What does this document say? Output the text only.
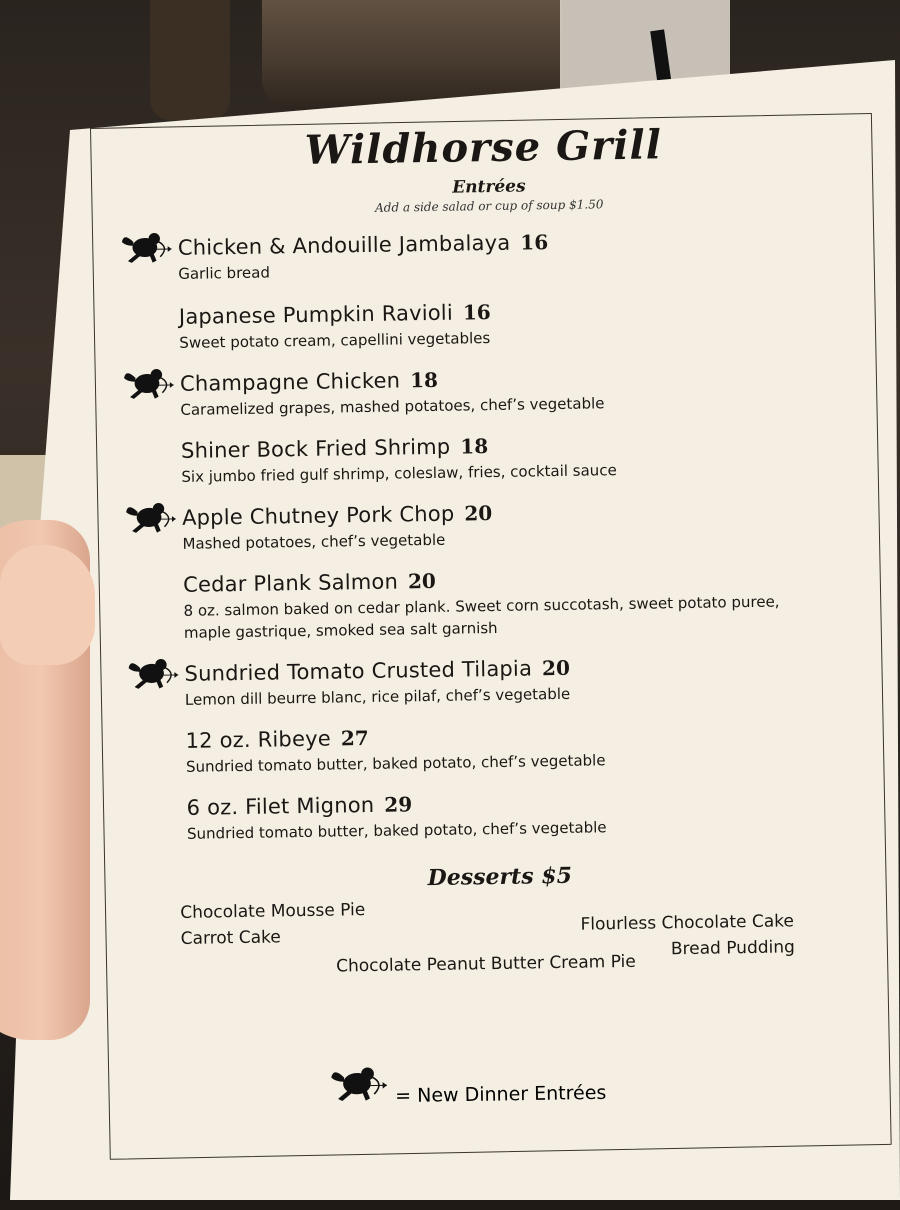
Wildhorse Grill
Entrées
Add a side salad or cup of soup $1.50
Chicken & Andouille Jambalaya 16
Garlic bread
Japanese Pumpkin Ravioli 16
Sweet potato cream, capellini vegetables
Champagne Chicken 18
Caramelized grapes, mashed potatoes, chef’s vegetable
Shiner Bock Fried Shrimp 18
Six jumbo fried gulf shrimp, coleslaw, fries, cocktail sauce
Apple Chutney Pork Chop 20
Mashed potatoes, chef’s vegetable
Cedar Plank Salmon 20
8 oz. salmon baked on cedar plank. Sweet corn succotash, sweet potato puree, maple gastrique, smoked sea salt garnish
Sundried Tomato Crusted Tilapia 20
Lemon dill beurre blanc, rice pilaf, chef’s vegetable
12 oz. Ribeye 27
Sundried tomato butter, baked potato, chef’s vegetable
6 oz. Filet Mignon 29
Sundried tomato butter, baked potato, chef’s vegetable
Desserts $5
Chocolate Mousse Pie
Carrot Cake
Flourless Chocolate Cake
Bread Pudding
Chocolate Peanut Butter Cream Pie
= New Dinner Entrées
